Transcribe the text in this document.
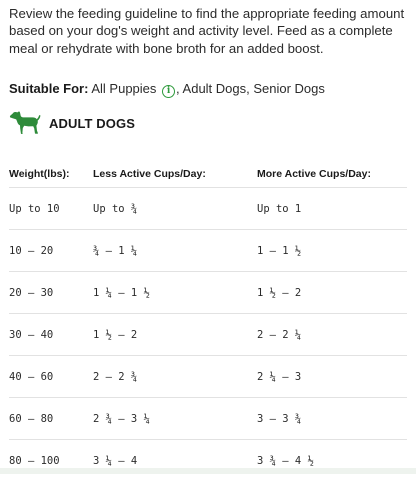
Review the feeding guideline to find the appropriate feeding amount based on your dog's weight and activity level. Feed as a complete meal or rehydrate with bone broth for an added boost.

Suitable For: All Puppies i , Adult Dogs, Senior Dogs
ADULT DOGS
Weight(lbs):	Less Active Cups/Day:	More Active Cups/Day:
Up to 10	Up to ¾	Up to 1
10 – 20	¾ – 1 ¼	1 – 1 ½
20 – 30	1 ¼ – 1 ½	1 ½ – 2
30 – 40	1 ½ – 2	2 – 2 ¼
40 – 60	2 – 2 ¾	2 ¼ – 3
60 – 80	2 ¾ – 3 ¼	3 – 3 ¾
80 – 100	3 ¼ – 4	3 ¾ – 4 ½
